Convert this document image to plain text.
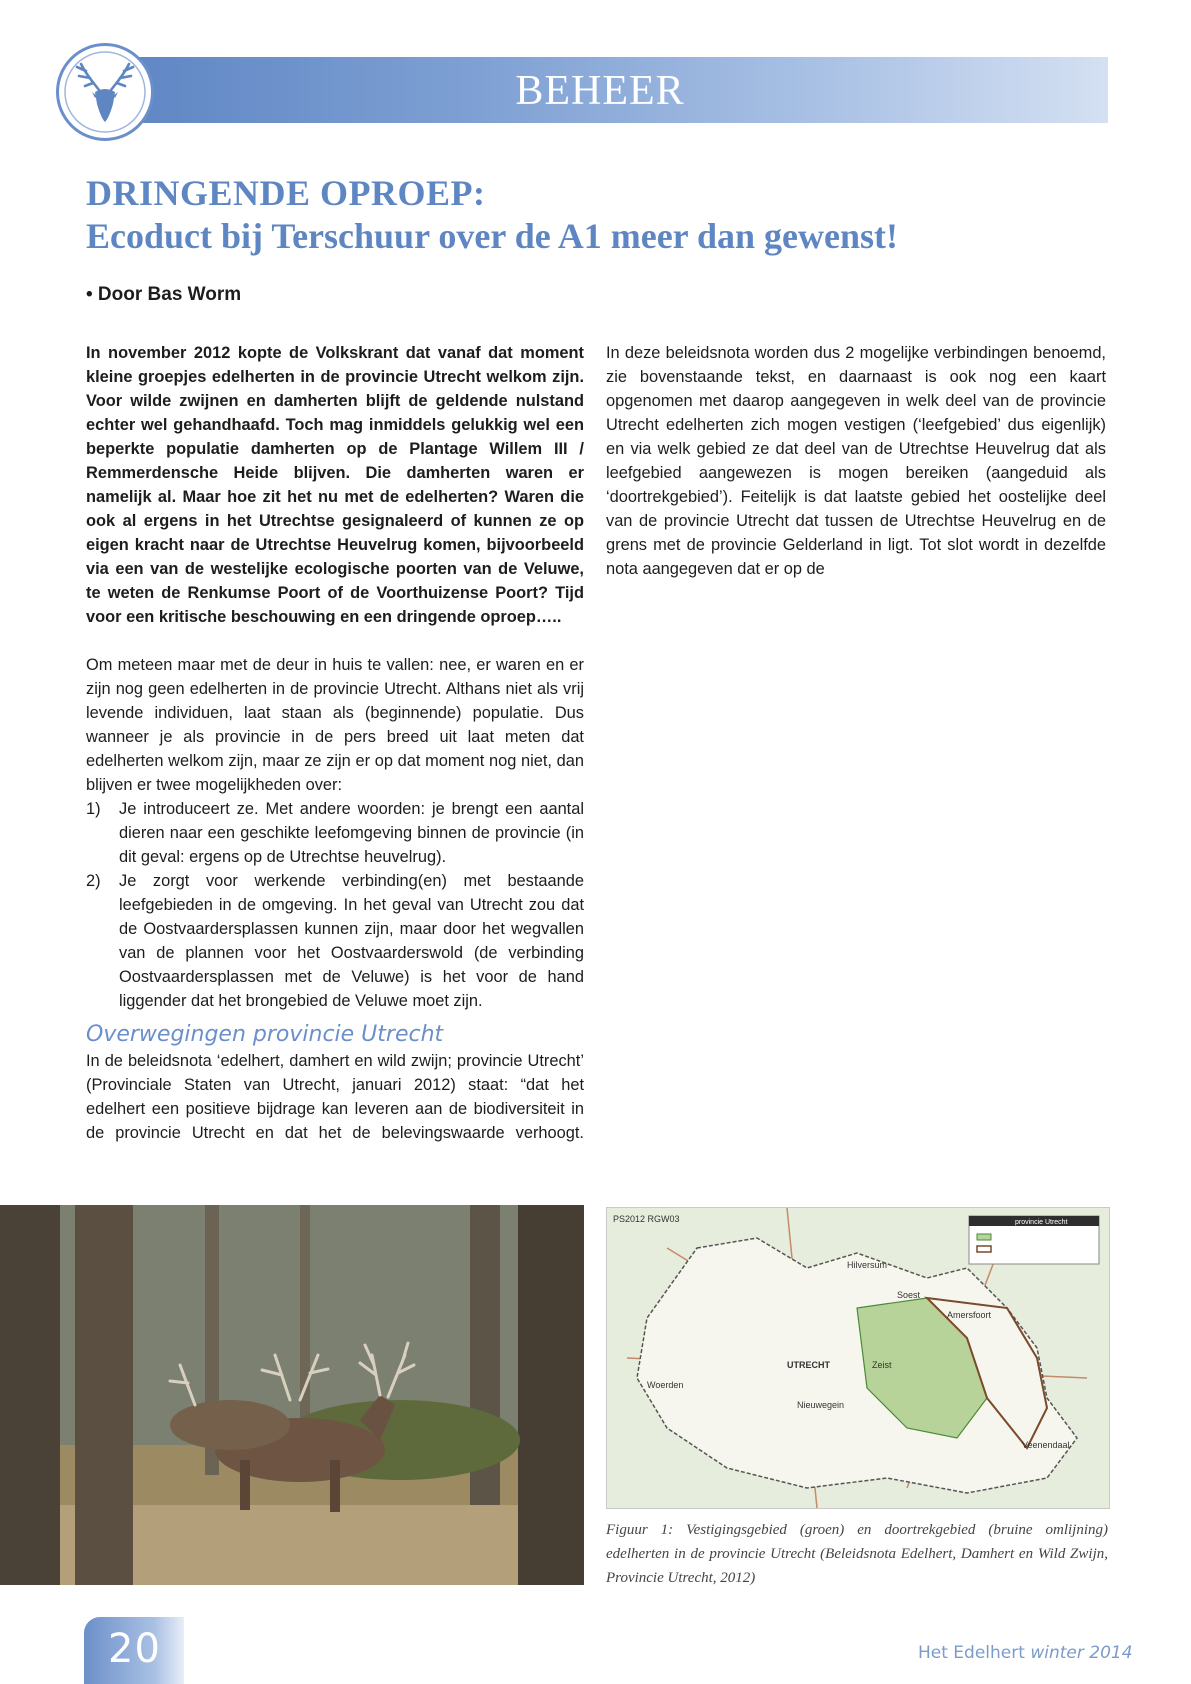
BEHEER
DRINGENDE OPROEP:
Ecoduct bij Terschuur over de A1 meer dan gewenst!
• Door Bas Worm

In november 2012 kopte de Volkskrant dat vanaf dat moment kleine groepjes edelherten in de provincie Utrecht welkom zijn. Voor wilde zwijnen en damherten blijft de geldende nulstand echter wel gehandhaafd. Toch mag inmiddels gelukkig wel een beperkte populatie damherten op de Plantage Willem III / Remmerdensche Heide blijven. Die damherten waren er namelijk al. Maar hoe zit het nu met de edelherten? Waren die ook al ergens in het Utrechtse gesignaleerd of kunnen ze op eigen kracht naar de Utrechtse Heuvelrug komen, bijvoorbeeld via een van de westelijke ecologische poorten van de Veluwe, te weten de Renkumse Poort of de Voorthuizense Poort? Tijd voor een kritische beschouwing en een dringende oproep…..

Om meteen maar met de deur in huis te vallen: nee, er waren en er zijn nog geen edelherten in de provincie Utrecht. Althans niet als vrij levende individuen, laat staan als (beginnende) populatie. Dus wanneer je als provincie in de pers breed uit laat meten dat edelherten welkom zijn, maar ze zijn er op dat moment nog niet, dan blijven er twee mogelijkheden over:

1) Je introduceert ze. Met andere woorden: je brengt een aantal dieren naar een geschikte leefomgeving binnen de provincie (in dit geval: ergens op de Utrechtse heuvelrug).
2) Je zorgt voor werkende verbinding(en) met bestaande leefgebieden in de omgeving. In het geval van Utrecht zou dat de Oostvaardersplassen kunnen zijn, maar door het wegvallen van de plannen voor het Oostvaarderswold (de verbinding Oostvaardersplassen met de Veluwe) is het voor de hand liggender dat het brongebied de Veluwe moet zijn.
Overwegingen provincie Utrecht

In de beleidsnota ‘edelhert, damhert en wild zwijn; provincie Utrecht’ (Provinciale Staten van Utrecht, januari 2012) staat: “dat het edelhert een positieve bijdrage kan leveren aan de biodiversiteit in de provincie Utrecht en dat het de belevingswaarde verhoogt.

In deze beleidsnota worden dus 2 mogelijke verbindingen benoemd, zie bovenstaande tekst, en daarnaast is ook nog een kaart opgenomen met daarop aangegeven in welk deel van de provincie Utrecht edelherten zich mogen vestigen (‘leefgebied’ dus eigenlijk) en via welk gebied ze dat deel van de Utrechtse Heuvelrug dat als leefgebied aangewezen is mogen bereiken (aangeduid als ‘doortrekgebied’). Feitelijk is dat laatste gebied het oostelijke deel van de provincie Utrecht dat tussen de Utrechtse Heuvelrug en de grens met de provincie Gelderland in ligt. Tot slot wordt in dezelfde nota aangegeven dat er op de

PS2012 RGW03	provincie Utrecht
UTRECHT
Hilversum
Amersfoort
Veenendaal
Zeist
Nieuwegein
Soest
Woerden

Figuur 1: Vestigingsgebied (groen) en doortrekgebied (bruine omlijning) edelherten in de provincie Utrecht (Beleidsnota Edelhert, Damhert en Wild Zwijn, Provincie Utrecht, 2012)

20	Het Edelhert winter 2014
